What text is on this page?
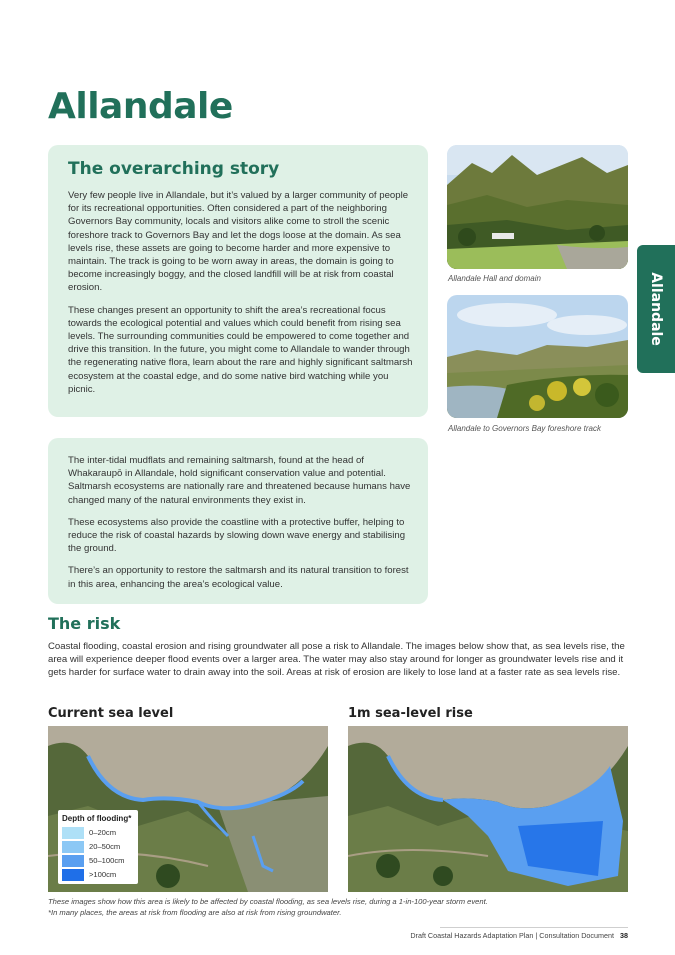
Allandale
Allandale
The overarching story

Very few people live in Allandale, but it’s valued by a larger community of people for its recreational opportunities. Often considered a part of the neighboring Governors Bay community, locals and visitors alike come to stroll the scenic foreshore track to Governors Bay and let the dogs loose at the domain. As sea levels rise, these assets are going to become harder and more expensive to maintain. The track is going to be worn away in areas, the domain is going to become increasingly boggy, and the closed landfill will be at risk from coastal erosion.

These changes present an opportunity to shift the area’s recreational focus towards the ecological potential and values which could benefit from rising sea levels. The surrounding communities could be empowered to come together and drive this transition. In the future, you might come to Allandale to wander through the regenerating native flora, learn about the rare and highly significant saltmarsh ecosystem at the coastal edge, and do some native bird watching while you picnic.

The inter-tidal mudflats and remaining saltmarsh, found at the head of Whakaraupō in Allandale, hold significant conservation value and potential. Saltmarsh ecosystems are nationally rare and threatened because humans have changed many of the natural environments they exist in.

These ecosystems also provide the coastline with a protective buffer, helping to reduce the risk of coastal hazards by slowing down wave energy and stabilising the ground.

There’s an opportunity to restore the saltmarsh and its natural transition to forest in this area, enhancing the area’s ecological value.

Allandale Hall and domain
Allandale to Governors Bay foreshore track
The risk

Coastal flooding, coastal erosion and rising groundwater all pose a risk to Allandale. The images below show that, as sea levels rise, the area will experience deeper flood events over a larger area. The water may also stay around for longer as groundwater levels rise and it gets harder for surface water to drain away into the soil. Areas at risk of erosion are likely to lose land at a faster rate as sea levels rise.

Current sea level	1m sea-level rise
Depth of flooding*
0–20cm
20–50cm
50–100cm
>100cm
These images show how this area is likely to be affected by coastal flooding, as sea levels rise, during a 1-in-100-year storm event.
*In many places, the areas at risk from flooding are also at risk from rising groundwater.
Draft Coastal Hazards Adaptation Plan | Consultation Document 38
